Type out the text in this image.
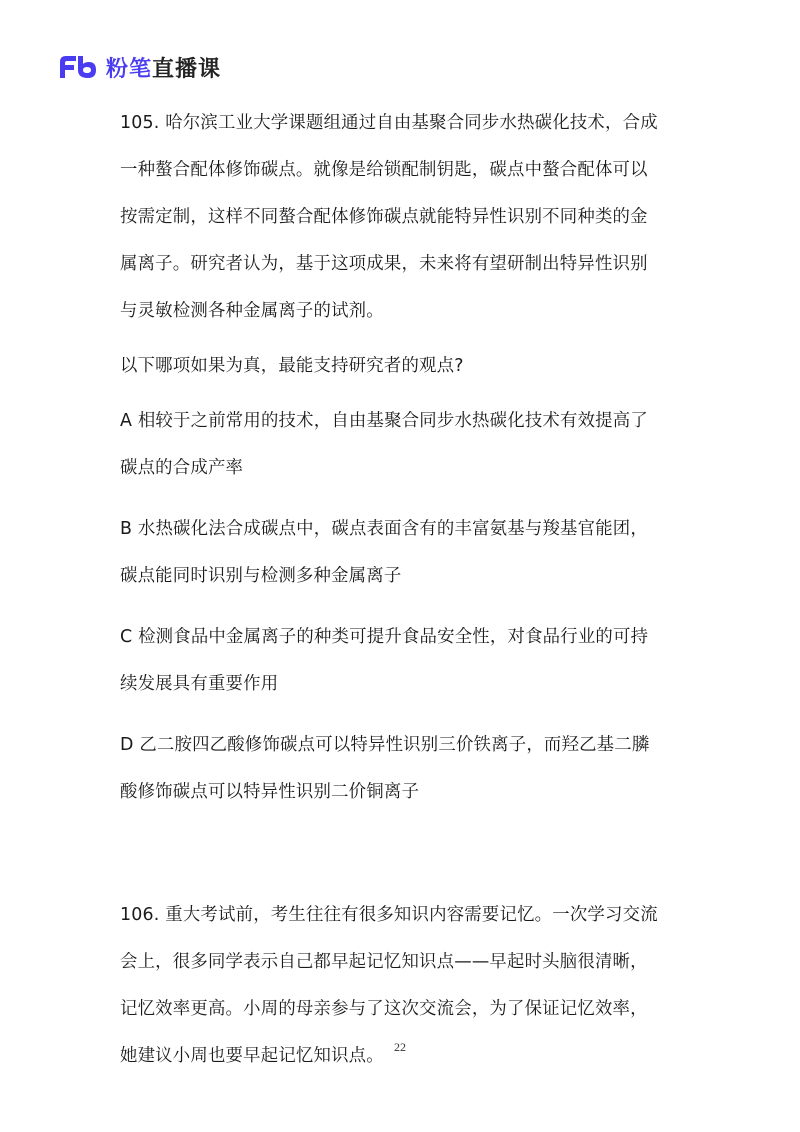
粉笔 直播课
105. 哈尔滨工业大学课题组通过自由基聚合同步水热碳化技术，合成
一种螯合配体修饰碳点。就像是给锁配制钥匙，碳点中螯合配体可以
按需定制，这样不同螯合配体修饰碳点就能特异性识别不同种类的金
属离子。研究者认为，基于这项成果，未来将有望研制出特异性识别
与灵敏检测各种金属离子的试剂。
以下哪项如果为真，最能支持研究者的观点?
A 相较于之前常用的技术，自由基聚合同步水热碳化技术有效提高了
碳点的合成产率
B 水热碳化法合成碳点中，碳点表面含有的丰富氨基与羧基官能团，
碳点能同时识别与检测多种金属离子
C 检测食品中金属离子的种类可提升食品安全性，对食品行业的可持
续发展具有重要作用
D 乙二胺四乙酸修饰碳点可以特异性识别三价铁离子，而羟乙基二膦
酸修饰碳点可以特异性识别二价铜离子
106. 重大考试前，考生往往有很多知识内容需要记忆。一次学习交流
会上，很多同学表示自己都早起记忆知识点——早起时头脑很清晰，
记忆效率更高。小周的母亲参与了这次交流会，为了保证记忆效率，
她建议小周也要早起记忆知识点。 22
